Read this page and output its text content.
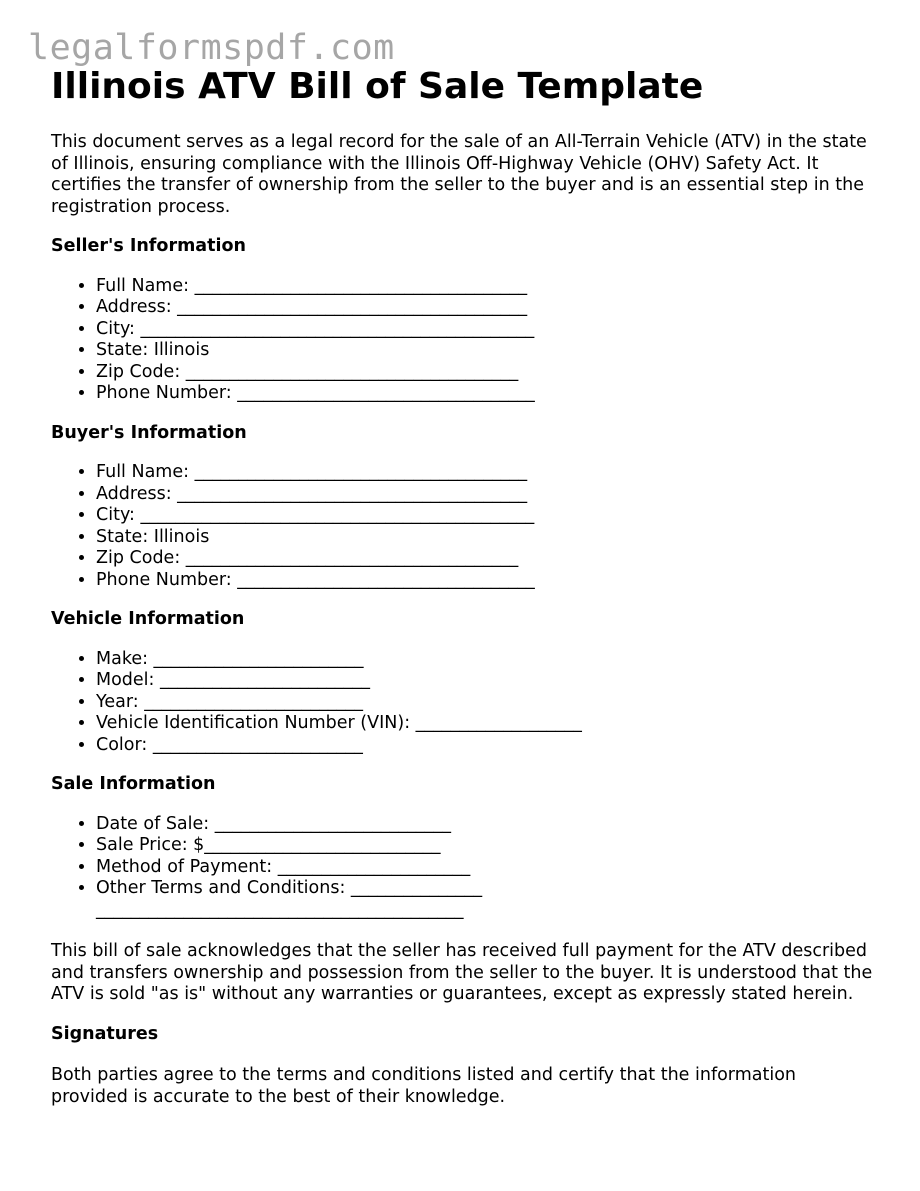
legalformspdf.com
Illinois ATV Bill of Sale Template

This document serves as a legal record for the sale of an All-Terrain Vehicle (ATV) in the state of Illinois, ensuring compliance with the Illinois Off-Highway Vehicle (OHV) Safety Act. It certifies the transfer of ownership from the seller to the buyer and is an essential step in the registration process.

Seller's Information
• Full Name: ______________________________________
• Address: ________________________________________
• City: _____________________________________________
• State: Illinois
• Zip Code: ______________________________________
• Phone Number: __________________________________
Buyer's Information
• Full Name: ______________________________________
• Address: ________________________________________
• City: _____________________________________________
• State: Illinois
• Zip Code: ______________________________________
• Phone Number: __________________________________
Vehicle Information
• Make: ________________________
• Model: ________________________
• Year: _________________________
• Vehicle Identification Number (VIN): ___________________
• Color: ________________________
Sale Information
• Date of Sale: ___________________________
• Sale Price: $___________________________
• Method of Payment: ______________________
• Other Terms and Conditions: _______________ __________________________________________

This bill of sale acknowledges that the seller has received full payment for the ATV described and transfers ownership and possession from the seller to the buyer. It is understood that the ATV is sold "as is" without any warranties or guarantees, except as expressly stated herein.

Signatures

Both parties agree to the terms and conditions listed and certify that the information provided is accurate to the best of their knowledge.
